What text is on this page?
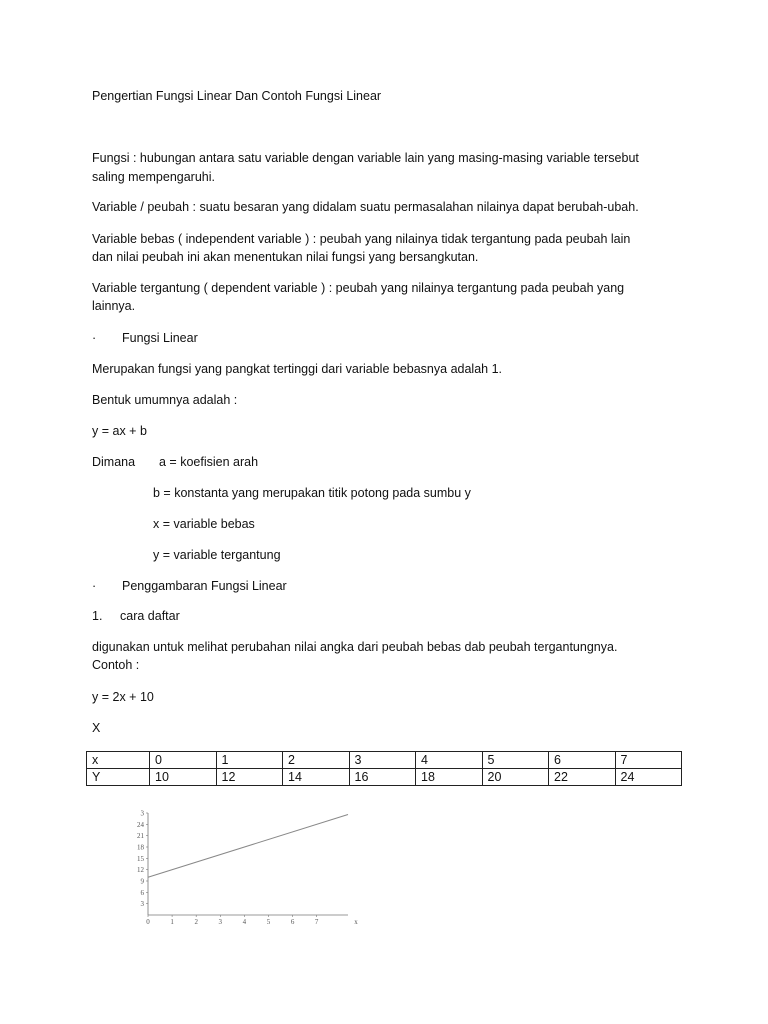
Pengertian Fungsi Linear Dan Contoh Fungsi Linear

Fungsi : hubungan antara satu variable dengan variable lain yang masing-masing variable tersebut

saling mempengaruhi.

Variable / peubah : suatu besaran yang didalam suatu permasalahan nilainya dapat berubah-ubah.

Variable bebas ( independent variable ) : peubah yang nilainya tidak tergantung pada peubah lain

dan nilai peubah ini akan menentukan nilai fungsi yang bersangkutan.

Variable tergantung ( dependent variable ) : peubah yang nilainya tergantung pada peubah yang

lainnya.

· Fungsi Linear

Merupakan fungsi yang pangkat tertinggi dari variable bebasnya adalah 1.

Bentuk umumnya adalah :

y = ax + b

Dimana a = koefisien arah

b = konstanta yang merupakan titik potong pada sumbu y

x = variable bebas

y = variable tergantung

· Penggambaran Fungsi Linear

1. cara daftar

digunakan untuk melihat perubahan nilai angka dari peubah bebas dab peubah tergantungnya.

Contoh :

y = 2x + 10

X

x	0	1	2	3	4	5	6	7
Y	10	12	14	16	18	20	22	24
0	1	2	3	4	5	6	7	x
3
6
9
12
15
18
21
24
3
